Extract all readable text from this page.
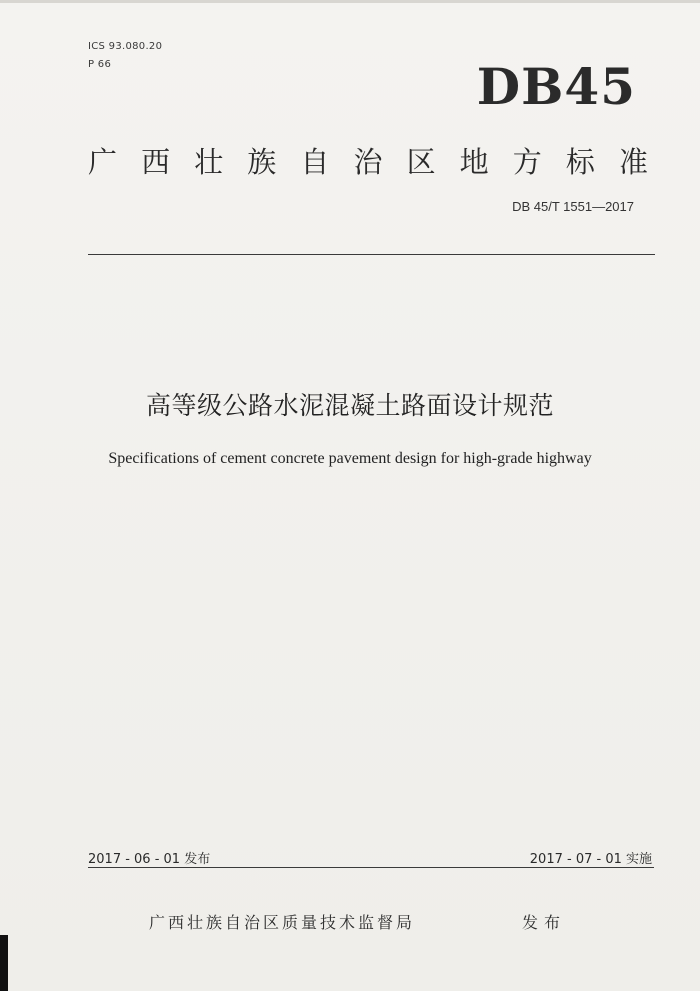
ICS 93.080.20
P 66	DB45
广 西 壮 族 自 治 区 地 方 标 准
DB 45/T 1551—2017
高等级公路水泥混凝土路面设计规范
Specifications of cement concrete pavement design for high-grade highway
2017 - 06 - 01 发布	2017 - 07 - 01 实施
广西壮族自治区质量技术监督局	发布
